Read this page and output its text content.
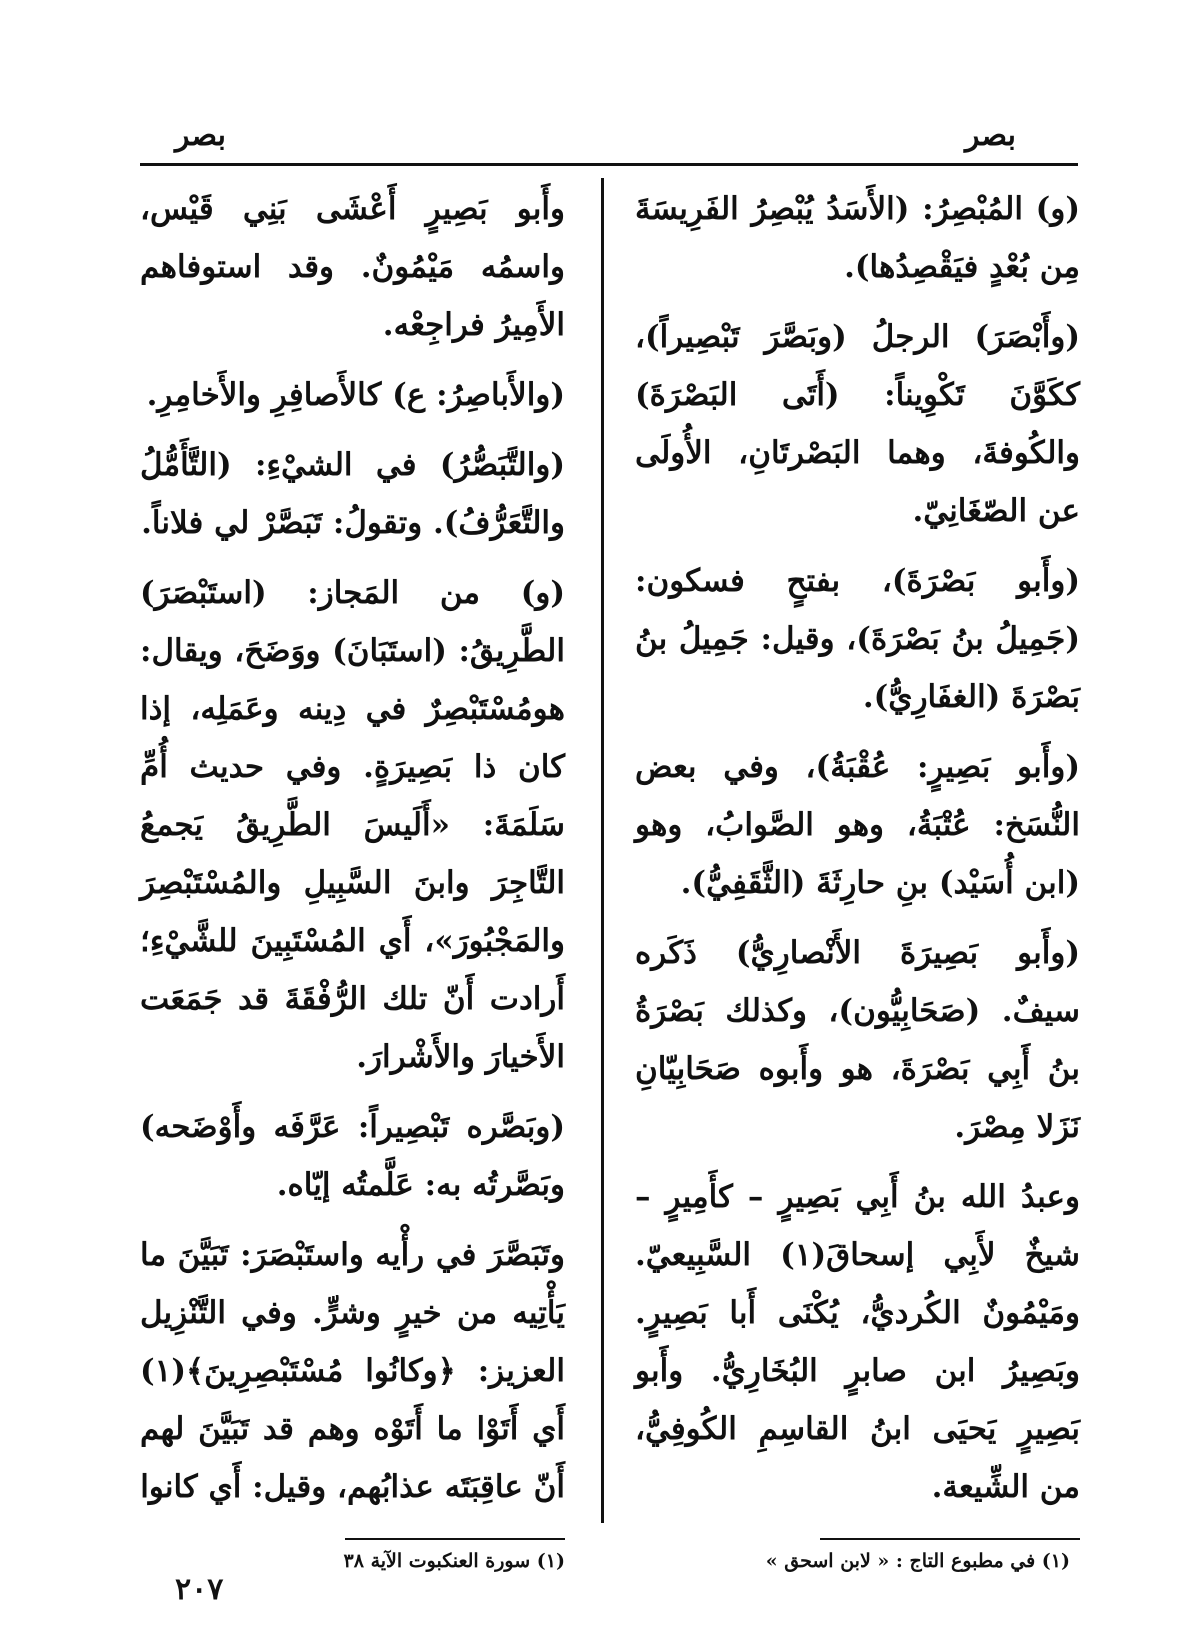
بصر
بصر

(و) المُبْصِرُ: (الأَسَدُ يُبْصِرُ الفَرِيسَةَ مِن بُعْدٍ فيَقْصِدُها).

(وأَبْصَرَ) الرجلُ (وبَصَّرَ تَبْصِيراً)، ككَوَّنَ تَكْوِيناً: (أَتَى البَصْرَةَ) والكُوفةَ، وهما البَصْرتَانِ، الأُولَى عن الصّغَانِيّ.

(وأَبو بَصْرَةَ)، بفتحٍ فسكون: (جَمِيلُ بنُ بَصْرَةَ)، وقيل: جَمِيلُ بنُ بَصْرَةَ (الغفَارِيُّ).

(وأَبو بَصِيرٍ: عُقْبَةُ)، وفي بعض النُّسَخ: عُتْبَةُ، وهو الصَّوابُ، وهو (ابن أُسَيْد) بنِ حارِثَةَ (الثَّقَفِيُّ).

(وأَبو بَصِيرَةَ الأَنْصارِيُّ) ذَكَره سيفٌ. (صَحَابِيُّون)، وكذلك بَصْرَةُ بنُ أَبِي بَصْرَةَ، هو وأَبوه صَحَابِيّانِ نَزَلا مِصْرَ.

وعبدُ الله بنُ أَبِي بَصِيرٍ – كأَمِيرٍ – شيخٌ لأَبِي إسحاقَ(١) السَّبِيعيّ. ومَيْمُونٌ الكُرديُّ، يُكْنَى أَبا بَصِيرٍ. وبَصِيرُ ابن صابرٍ البُخَارِيُّ. وأَبو بَصِيرٍ يَحيَى ابنُ القاسِمِ الكُوفِيُّ، من الشِّيعة.

وأَبو بَصِيرٍ أَعْشَى بَنِي قَيْس، واسمُه مَيْمُونٌ. وقد استوفاهم الأَمِيرُ فراجِعْه.

(والأَباصِرُ: ع) كالأَصافِرِ والأَخامِرِ.

(والتَّبَصُّرُ) في الشيْءِ: (التَّأَمُّلُ والتَّعَرُّفُ). وتقولُ: تَبَصَّرْ لي فلاناً.

(و) من المَجاز: (استَبْصَرَ) الطَّرِيقُ: (استَبَانَ) ووَضَحَ، ويقال: هومُسْتَبْصِرٌ في دِينه وعَمَلِه، إذا كان ذا بَصِيرَةٍ. وفي حديث أُمِّ سَلَمَةَ: «أَلَيسَ الطَّرِيقُ يَجمعُ التَّاجِرَ وابنَ السَّبِيلِ والمُسْتَبْصِرَ والمَجْبُورَ»، أَي المُسْتَبِينَ للشَّيْءِ؛ أَرادت أَنّ تلك الرُّفْقَةَ قد جَمَعَت الأَخيارَ والأَشْرارَ.

(وبَصَّره تَبْصِيراً: عَرَّفَه وأَوْضَحه) وبَصَّرتُه به: عَلَّمتُه إيّاه.

وتَبَصَّرَ في رأْيه واستَبْصَرَ: تَبَيَّنَ ما يَأْتِيه من خيرٍ وشرٍّ. وفي التَّنْزِيل العزيز: ﴿وكانُوا مُسْتَبْصِرِينَ﴾(١) أَي أَتَوْا ما أَتَوْه وهم قد تَبَيَّنَ لهم أَنّ عاقِبَتَه عذابُهم، وقيل: أَي كانوا

(١) في مطبوع التاج : « لابن اسحق »
(١) سورة العنكبوت الآية ٣٨
٢٠٧
